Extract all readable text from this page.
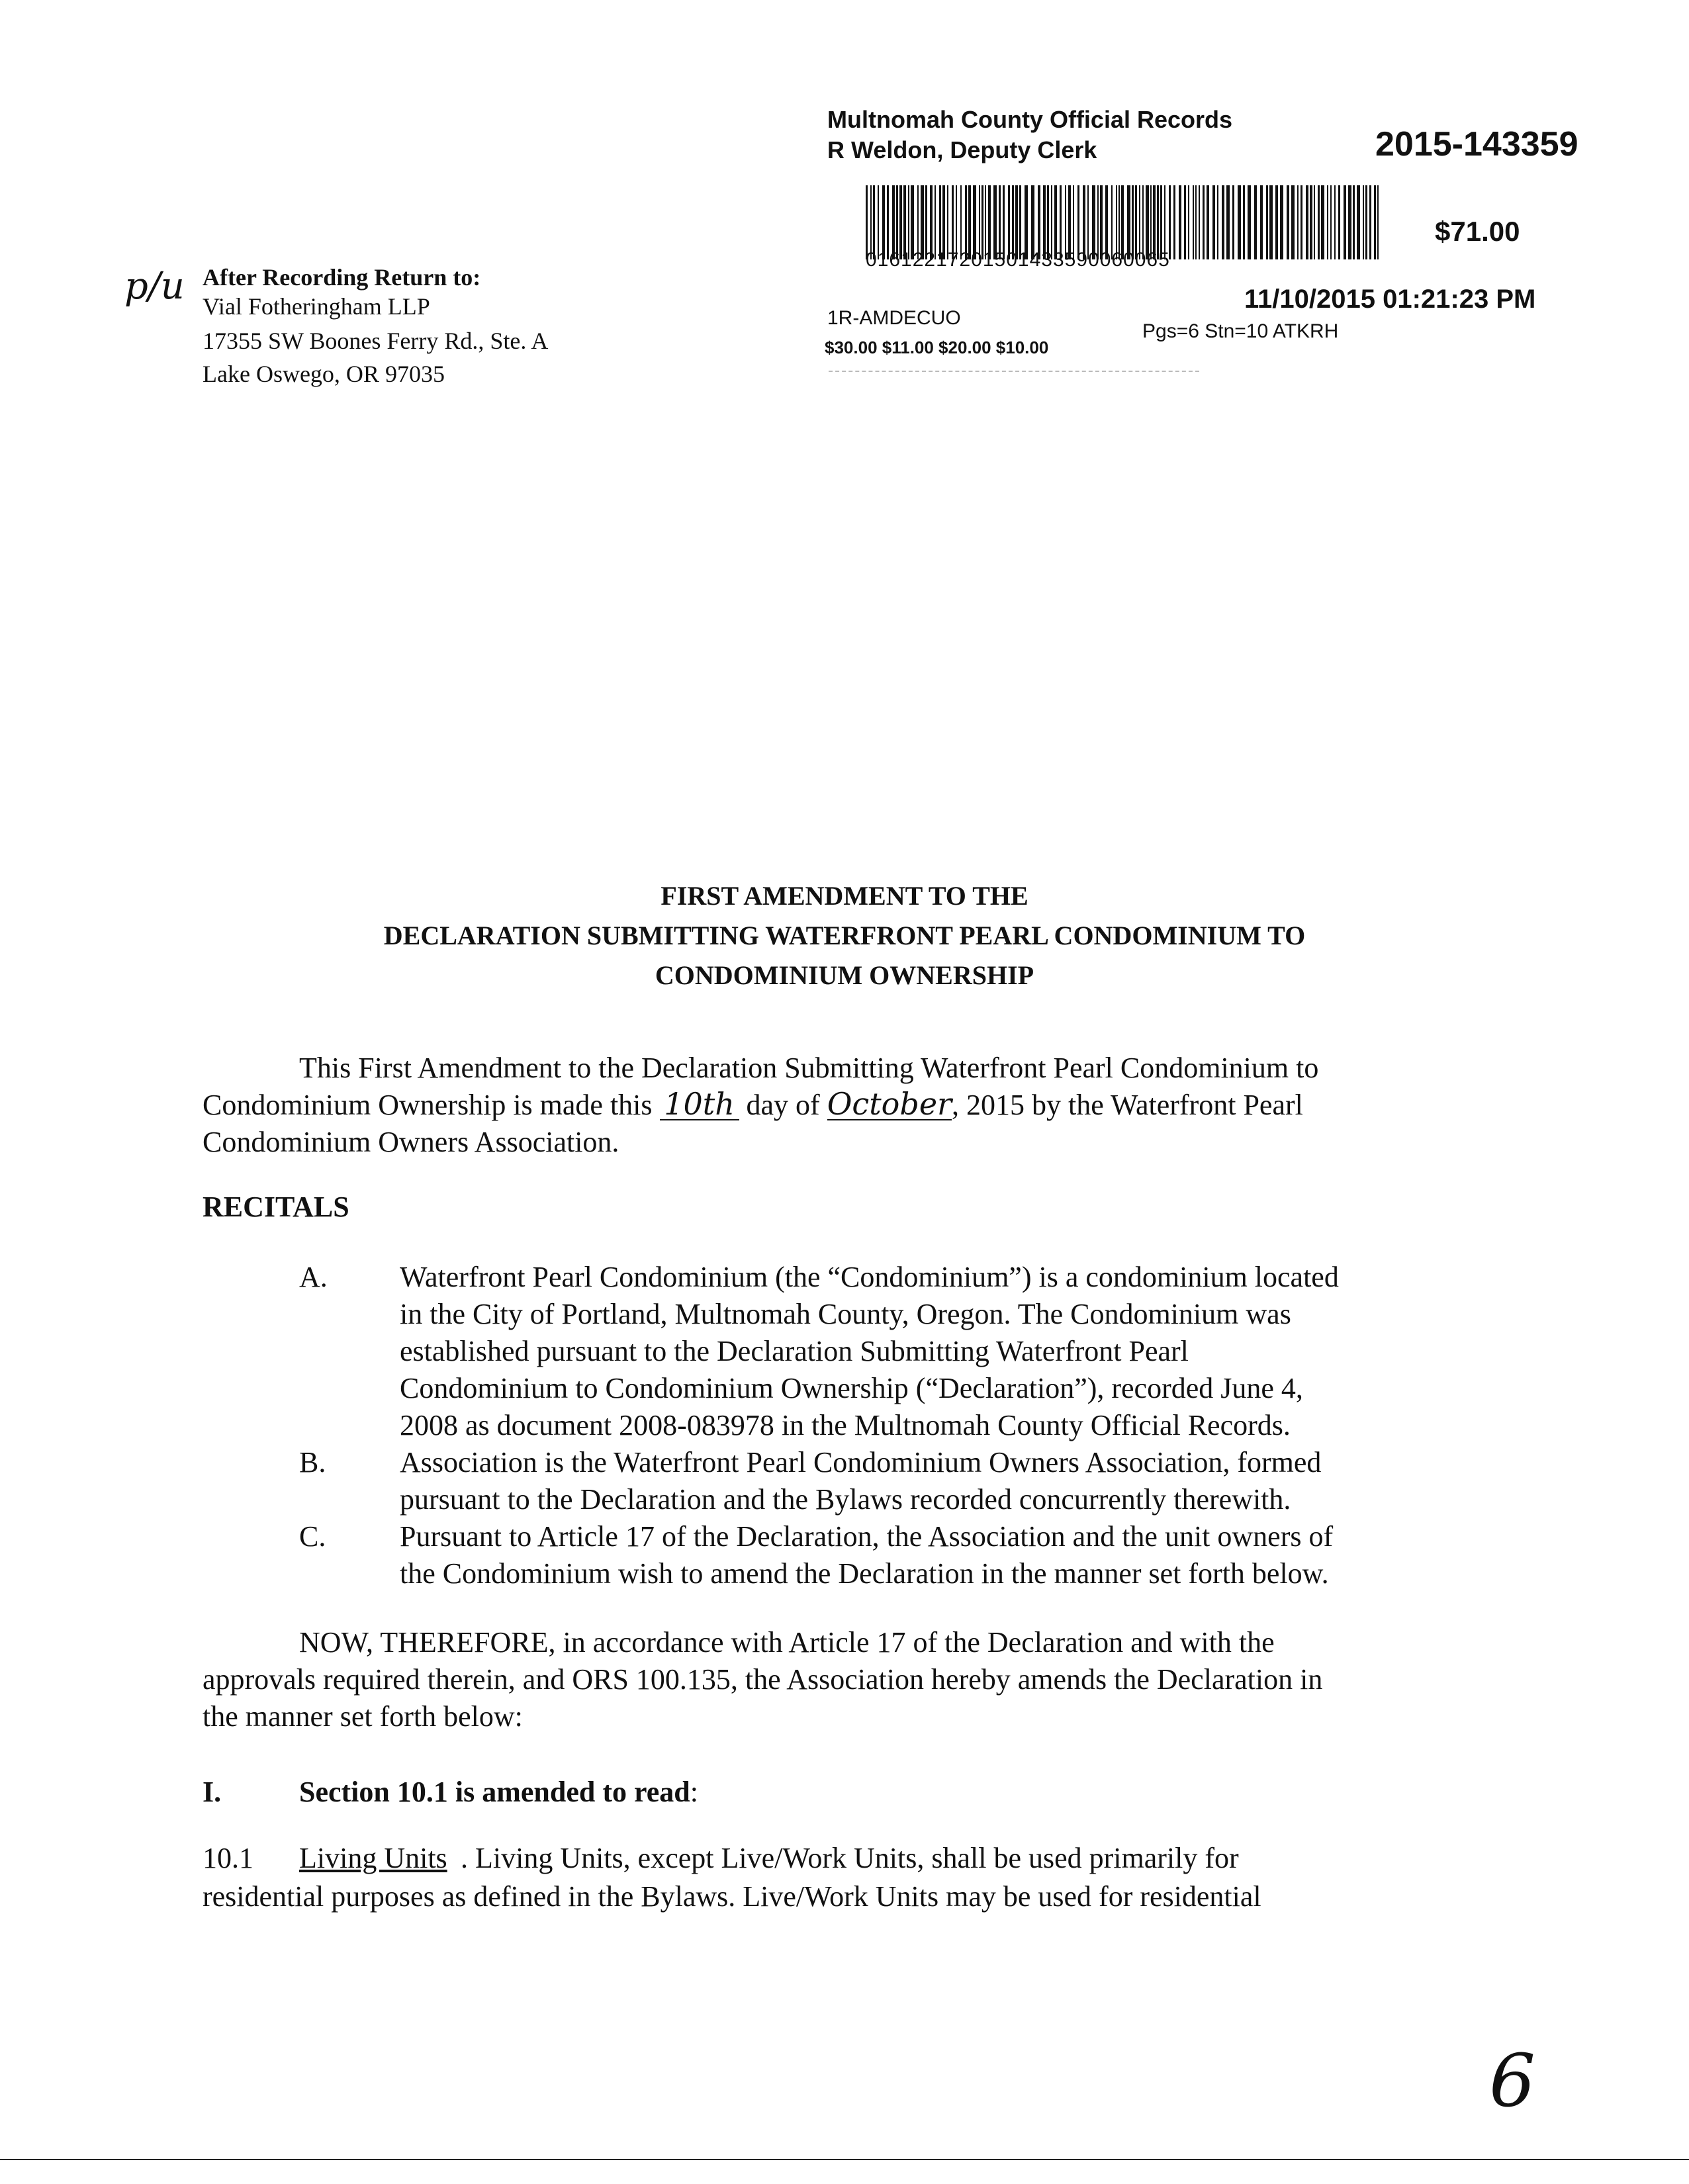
Multnomah County Official Records
R Weldon, Deputy Clerk	2015-143359
01612217201501433590060065
$71.00
11/10/2015 01:21:23 PM
1R-AMDECUO
Pgs=6 Stn=10 ATKRH
$30.00 $11.00 $20.00 $10.00
p/u After Recording Return to:
Vial Fotheringham LLP
17355 SW Boones Ferry Rd., Ste. A
Lake Oswego, OR 97035
FIRST AMENDMENT TO THE
DECLARATION SUBMITTING WATERFRONT PEARL CONDOMINIUM TO
CONDOMINIUM OWNERSHIP
This First Amendment to the Declaration Submitting Waterfront Pearl Condominium to
Condominium Ownership is made this 10th day of October, 2015 by the Waterfront Pearl
Condominium Owners Association.
RECITALS
A. Waterfront Pearl Condominium (the “Condominium”) is a condominium located
in the City of Portland, Multnomah County, Oregon. The Condominium was
established pursuant to the Declaration Submitting Waterfront Pearl
Condominium to Condominium Ownership (“Declaration”), recorded June 4,
2008 as document 2008-083978 in the Multnomah County Official Records.
B.	Association is the Waterfront Pearl Condominium Owners Association, formed
pursuant to the Declaration and the Bylaws recorded concurrently therewith.
C.	Pursuant to Article 17 of the Declaration, the Association and the unit owners of
the Condominium wish to amend the Declaration in the manner set forth below.
NOW, THEREFORE, in accordance with Article 17 of the Declaration and with the
approvals required therein, and ORS 100.135, the Association hereby amends the Declaration in
the manner set forth below:
I.	Section 10.1 is amended to read:
10.1 Living Units . Living Units, except Live/Work Units, shall be used primarily for
residential purposes as defined in the Bylaws. Live/Work Units may be used for residential
6
